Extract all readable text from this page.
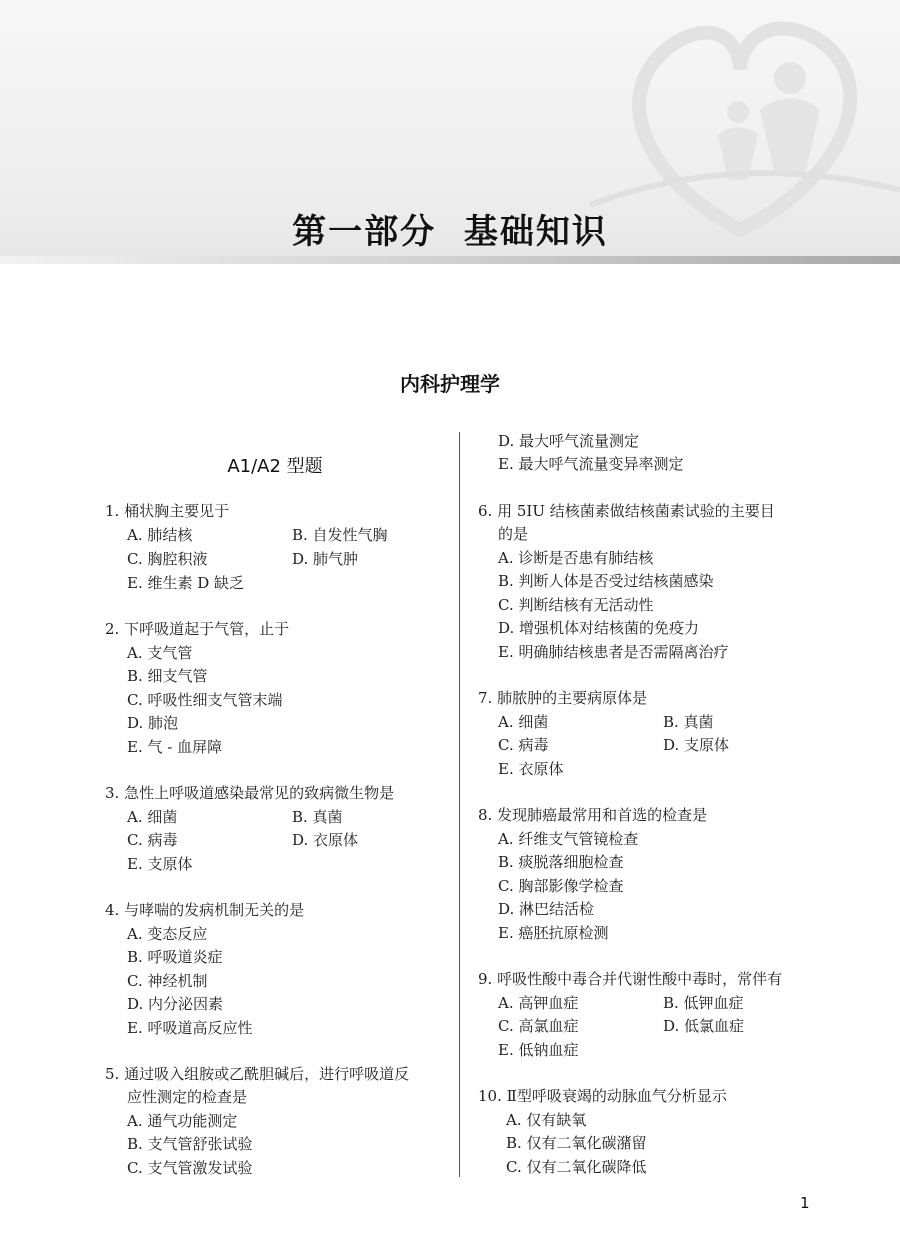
第一部分  基础知识
内科护理学
A1/A2 型题
1. 桶状胸主要见于
A. 肺结核	B. 自发性气胸
C. 胸腔积液	D. 肺气肿
E. 维生素 D 缺乏
2. 下呼吸道起于气管，止于
A. 支气管
B. 细支气管
C. 呼吸性细支气管末端
D. 肺泡
E. 气 - 血屏障
3. 急性上呼吸道感染最常见的致病微生物是
A. 细菌	B. 真菌
C. 病毒	D. 衣原体
E. 支原体
4. 与哮喘的发病机制无关的是
A. 变态反应
B. 呼吸道炎症
C. 神经机制
D. 内分泌因素
E. 呼吸道高反应性
5. 通过吸入组胺或乙酰胆碱后，进行呼吸道反
应性测定的检查是
A. 通气功能测定
B. 支气管舒张试验
C. 支气管激发试验
D. 最大呼气流量测定
E. 最大呼气流量变异率测定
6. 用 5IU 结核菌素做结核菌素试验的主要目
的是
A. 诊断是否患有肺结核
B. 判断人体是否受过结核菌感染
C. 判断结核有无活动性
D. 增强机体对结核菌的免疫力
E. 明确肺结核患者是否需隔离治疗
7. 肺脓肿的主要病原体是
A. 细菌	B. 真菌
C. 病毒	D. 支原体
E. 衣原体
8. 发现肺癌最常用和首选的检查是
A. 纤维支气管镜检查
B. 痰脱落细胞检查
C. 胸部影像学检查
D. 淋巴结活检
E. 癌胚抗原检测
9. 呼吸性酸中毒合并代谢性酸中毒时，常伴有
A. 高钾血症	B. 低钾血症
C. 高氯血症	D. 低氯血症
E. 低钠血症
10. Ⅱ型呼吸衰竭的动脉血气分析显示
A. 仅有缺氧
B. 仅有二氧化碳潴留
C. 仅有二氧化碳降低
1
